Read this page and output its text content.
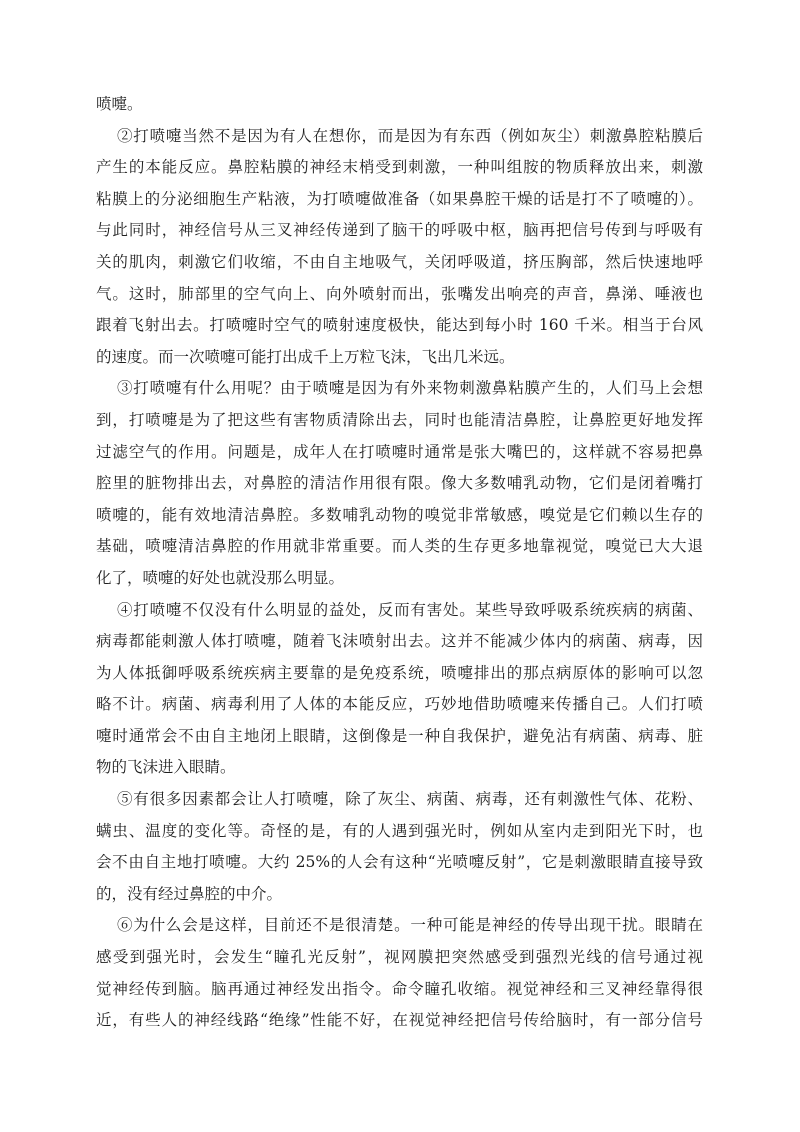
喷嚏。
②打喷嚏当然不是因为有人在想你，而是因为有东西（例如灰尘）刺激鼻腔粘膜后
产生的本能反应。鼻腔粘膜的神经末梢受到刺激，一种叫组胺的物质释放出来，刺激
粘膜上的分泌细胞生产粘液，为打喷嚏做准备（如果鼻腔干燥的话是打不了喷嚏的）。
与此同时，神经信号从三叉神经传递到了脑干的呼吸中枢，脑再把信号传到与呼吸有
关的肌肉，刺激它们收缩，不由自主地吸气，关闭呼吸道，挤压胸部，然后快速地呼
气。这时，肺部里的空气向上、向外喷射而出，张嘴发出响亮的声音，鼻涕、唾液也
跟着飞射出去。打喷嚏时空气的喷射速度极快，能达到每小时 160 千米。相当于台风
的速度。而一次喷嚏可能打出成千上万粒飞沫，飞出几米远。
③打喷嚏有什么用呢？由于喷嚏是因为有外来物刺激鼻粘膜产生的，人们马上会想
到，打喷嚏是为了把这些有害物质清除出去，同时也能清洁鼻腔，让鼻腔更好地发挥
过滤空气的作用。问题是，成年人在打喷嚏时通常是张大嘴巴的，这样就不容易把鼻
腔里的脏物排出去，对鼻腔的清洁作用很有限。像大多数哺乳动物，它们是闭着嘴打
喷嚏的，能有效地清洁鼻腔。多数哺乳动物的嗅觉非常敏感，嗅觉是它们赖以生存的
基础，喷嚏清洁鼻腔的作用就非常重要。而人类的生存更多地靠视觉，嗅觉已大大退
化了，喷嚏的好处也就没那么明显。
④打喷嚏不仅没有什么明显的益处，反而有害处。某些导致呼吸系统疾病的病菌、
病毒都能刺激人体打喷嚏，随着飞沫喷射出去。这并不能减少体内的病菌、病毒，因
为人体抵御呼吸系统疾病主要靠的是免疫系统，喷嚏排出的那点病原体的影响可以忽
略不计。病菌、病毒利用了人体的本能反应，巧妙地借助喷嚏来传播自己。人们打喷
嚏时通常会不由自主地闭上眼睛，这倒像是一种自我保护，避免沾有病菌、病毒、脏
物的飞沫进入眼睛。
⑤有很多因素都会让人打喷嚏，除了灰尘、病菌、病毒，还有刺激性气体、花粉、
螨虫、温度的变化等。奇怪的是，有的人遇到强光时，例如从室内走到阳光下时，也
会不由自主地打喷嚏。大约 25%的人会有这种“光喷嚏反射”，它是刺激眼睛直接导致
的，没有经过鼻腔的中介。
⑥为什么会是这样，目前还不是很清楚。一种可能是神经的传导出现干扰。眼睛在
感受到强光时，会发生“瞳孔光反射”，视网膜把突然感受到强烈光线的信号通过视
觉神经传到脑。脑再通过神经发出指令。命令瞳孔收缩。视觉神经和三叉神经靠得很
近，有些人的神经线路“绝缘”性能不好，在视觉神经把信号传给脑时，有一部分信号
